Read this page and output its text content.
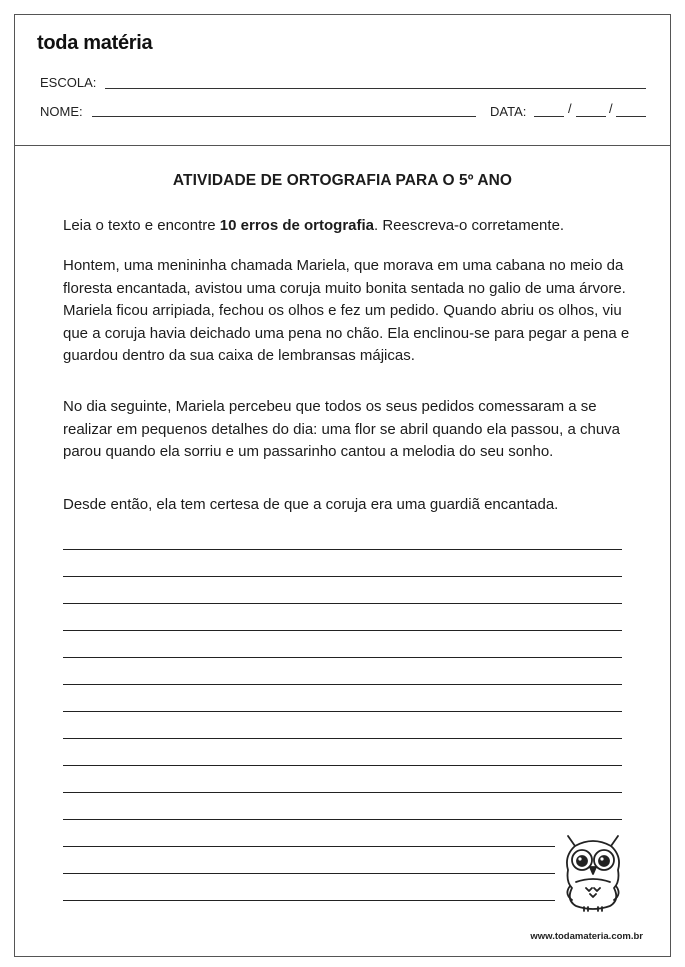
toda matéria
ESCOLA:
NOME:	DATA:	/	/
ATIVIDADE DE ORTOGRAFIA PARA O 5º ANO
Leia o texto e encontre 10 erros de ortografia. Reescreva-o corretamente.
Hontem, uma menininha chamada Mariela, que morava em uma cabana no meio da floresta encantada, avistou uma coruja muito bonita sentada no galio de uma árvore. Mariela ficou arripiada, fechou os olhos e fez um pedido. Quando abriu os olhos, viu que a coruja havia deichado uma pena no chão. Ela enclinou-se para pegar a pena e guardou dentro da sua caixa de lembransas májicas.
No dia seguinte, Mariela percebeu que todos os seus pedidos comessaram a se realizar em pequenos detalhes do dia: uma flor se abril quando ela passou, a chuva parou quando ela sorriu e um passarinho cantou a melodia do seu sonho.
Desde então, ela tem certesa de que a coruja era uma guardiã encantada.
www.todamateria.com.br
